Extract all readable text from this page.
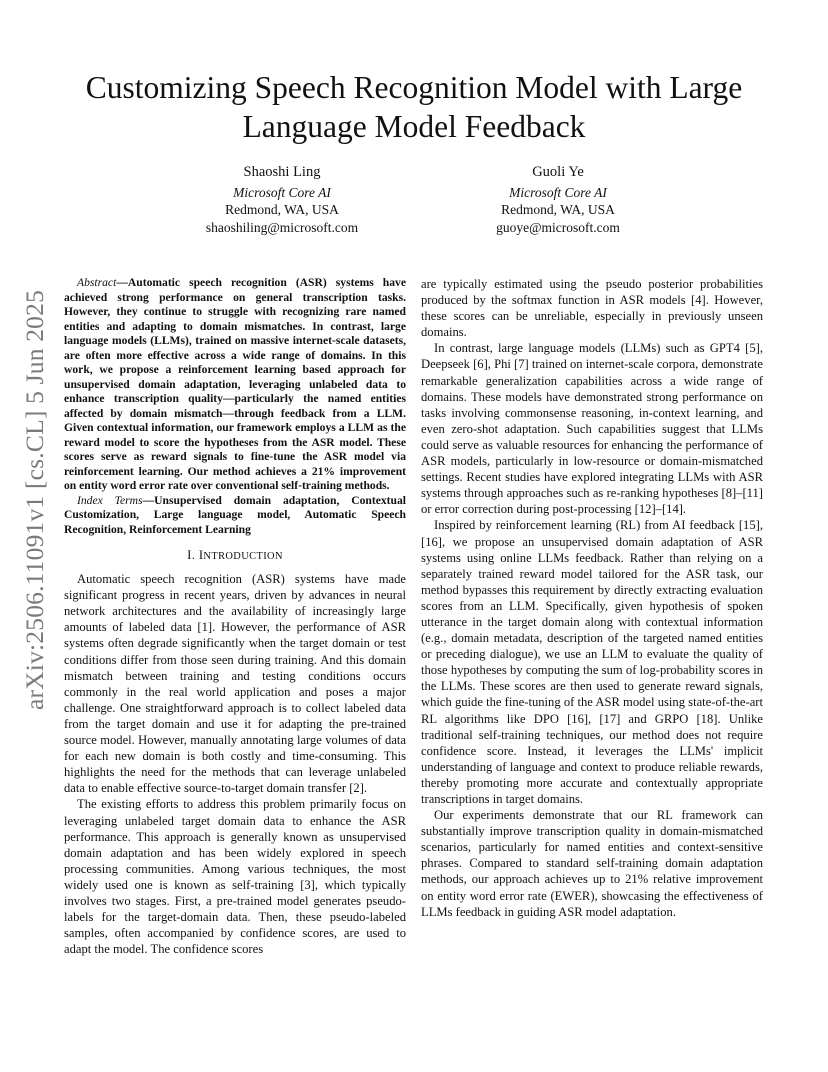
arXiv:2506.11091v1 [cs.CL] 5 Jun 2025
Customizing Speech Recognition Model with Large
Language Model Feedback
Shaoshi Ling
Microsoft Core AI
Redmond, WA, USA
shaoshiling@microsoft.com
Guoli Ye
Microsoft Core AI
Redmond, WA, USA
guoye@microsoft.com

Abstract—Automatic speech recognition (ASR) systems have achieved strong performance on general transcription tasks. However, they continue to struggle with recognizing rare named entities and adapting to domain mismatches. In contrast, large language models (LLMs), trained on massive internet-scale datasets, are often more effective across a wide range of domains. In this work, we propose a reinforcement learning based approach for unsupervised domain adaptation, leveraging unlabeled data to enhance transcription quality—particularly the named entities affected by domain mismatch—through feedback from a LLM. Given contextual information, our framework employs a LLM as the reward model to score the hypotheses from the ASR model. These scores serve as reward signals to fine-tune the ASR model via reinforcement learning. Our method achieves a 21% improvement on entity word error rate over conventional self-training methods.

Index Terms—Unsupervised domain adaptation, Contextual Customization, Large language model, Automatic Speech Recognition, Reinforcement Learning

I. INTRODUCTION

Automatic speech recognition (ASR) systems have made significant progress in recent years, driven by advances in neural network architectures and the availability of increasingly large amounts of labeled data [1]. However, the performance of ASR systems often degrade significantly when the target domain or test conditions differ from those seen during training. And this domain mismatch between training and testing conditions occurs commonly in the real world application and poses a major challenge. One straightforward approach is to collect labeled data from the target domain and use it for adapting the pre-trained source model. However, manually annotating large volumes of data for each new domain is both costly and time-consuming. This highlights the need for the methods that can leverage unlabeled data to enable effective source-to-target domain transfer [2].

The existing efforts to address this problem primarily focus on leveraging unlabeled target domain data to enhance the ASR performance. This approach is generally known as unsupervised domain adaptation and has been widely explored in speech processing communities. Among various techniques, the most widely used one is known as self-training [3], which typically involves two stages. First, a pre-trained model generates pseudo-labels for the target-domain data. Then, these pseudo-labeled samples, often accompanied by confidence scores, are used to adapt the model. The confidence scores

are typically estimated using the pseudo posterior probabilities produced by the softmax function in ASR models [4]. However, these scores can be unreliable, especially in previously unseen domains.

In contrast, large language models (LLMs) such as GPT4 [5], Deepseek [6], Phi [7] trained on internet-scale corpora, demonstrate remarkable generalization capabilities across a wide range of domains. These models have demonstrated strong performance on tasks involving commonsense reasoning, in-context learning, and even zero-shot adaptation. Such capabilities suggest that LLMs could serve as valuable resources for enhancing the performance of ASR models, particularly in low-resource or domain-mismatched settings. Recent studies have explored integrating LLMs with ASR systems through approaches such as re-ranking hypotheses [8]–[11] or error correction during post-processing [12]–[14].

Inspired by reinforcement learning (RL) from AI feedback [15], [16], we propose an unsupervised domain adaptation of ASR systems using online LLMs feedback. Rather than relying on a separately trained reward model tailored for the ASR task, our method bypasses this requirement by directly extracting evaluation scores from an LLM. Specifically, given hypothesis of spoken utterance in the target domain along with contextual information (e.g., domain metadata, description of the targeted named entities or preceding dialogue), we use an LLM to evaluate the quality of those hypotheses by computing the sum of log-probability scores in the LLMs. These scores are then used to generate reward signals, which guide the fine-tuning of the ASR model using state-of-the-art RL algorithms like DPO [16], [17] and GRPO [18]. Unlike traditional self-training techniques, our method does not require confidence score. Instead, it leverages the LLMs' implicit understanding of language and context to produce reliable rewards, thereby promoting more accurate and contextually appropriate transcriptions in target domains.

Our experiments demonstrate that our RL framework can substantially improve transcription quality in domain-mismatched scenarios, particularly for named entities and context-sensitive phrases. Compared to standard self-training domain adaptation methods, our approach achieves up to 21% relative improvement on entity word error rate (EWER), showcasing the effectiveness of LLMs feedback in guiding ASR model adaptation.
